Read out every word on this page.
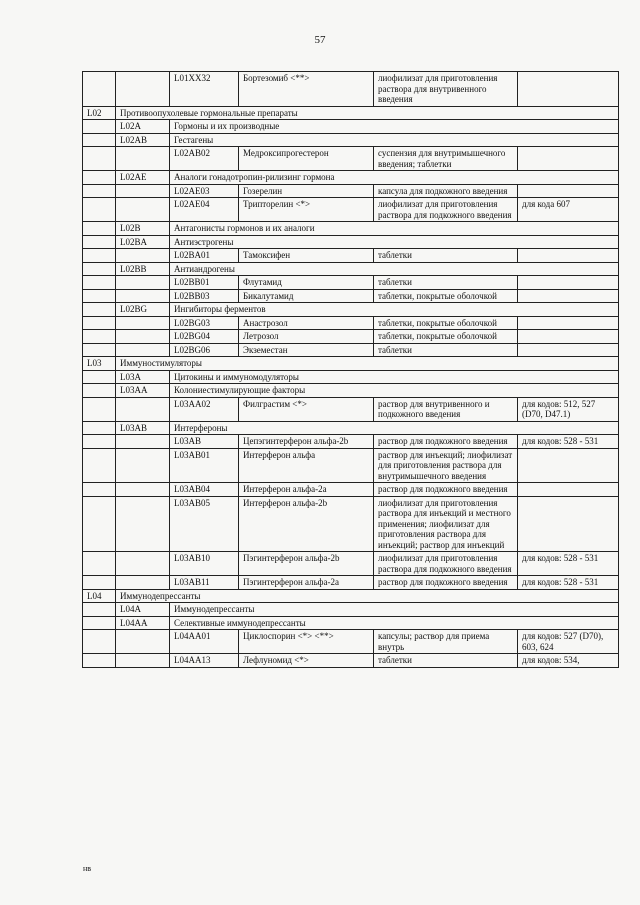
57
		L01XX32	Бортезомиб <**>	лиофилизат для приготовления раствора для внутривенного введения	
L02	Противоопухолевые гормональные препараты				
	L02A	Гормоны и их производные			
	L02AB	Гестагены			
		L02AB02	Медроксипрогестерон	суспензия для внутримышечного введения; таблетки	
	L02AE	Аналоги гонадотропин-рилизинг гормона			
		L02AE03	Гозерелин	капсула для подкожного введения	
		L02AE04	Трипторелин <*>	лиофилизат для приготовления раствора для подкожного введения	для кода 607
	L02B	Антагонисты гормонов и их аналоги			
	L02BA	Антиэстрогены			
		L02BA01	Тамоксифен	таблетки	
	L02BB	Антиандрогены			
		L02BB01	Флутамид	таблетки	
		L02BB03	Бикалутамид	таблетки, покрытые оболочкой	
	L02BG	Ингибиторы ферментов			
		L02BG03	Анастрозол	таблетки, покрытые оболочкой	
		L02BG04	Летрозол	таблетки, покрытые оболочкой	
		L02BG06	Экземестан	таблетки	
L03	Иммуностимуляторы				
	L03A	Цитокины и иммуномодуляторы			
	L03AA	Колониестимулирующие факторы			
		L03AA02	Филграстим <*>	раствор для внутривенного и подкожного введения	для кодов: 512, 527 (D70, D47.1)
	L03AB	Интерфероны			
		L03AB	Цепэгинтерферон альфа-2b	раствор для подкожного введения	для кодов: 528 - 531
		L03AB01	Интерферон альфа	раствор для инъекций; лиофилизат для приготовления раствора для внутримышечного введения	
		L03AB04	Интерферон альфа-2а	раствор для подкожного введения	
		L03AB05	Интерферон альфа-2b	лиофилизат для приготовления раствора для инъекций и местного применения; лиофилизат для приготовления раствора для инъекций; раствор для инъекций	
		L03AB10	Пэгинтерферон альфа-2b	лиофилизат для приготовления раствора для подкожного введения	для кодов: 528 - 531
		L03AB11	Пэгинтерферон альфа-2а	раствор для подкожного введения	для кодов: 528 - 531
L04	Иммунодепрессанты				
	L04A	Иммунодепрессанты			
	L04AA	Селективные иммунодепрессанты			
		L04AA01	Циклоспорин <*> <**>	капсулы; раствор для приема внутрь	для кодов: 527 (D70), 603, 624
		L04AA13	Лефлуномид <*>	таблетки	для кодов: 534,
нв
